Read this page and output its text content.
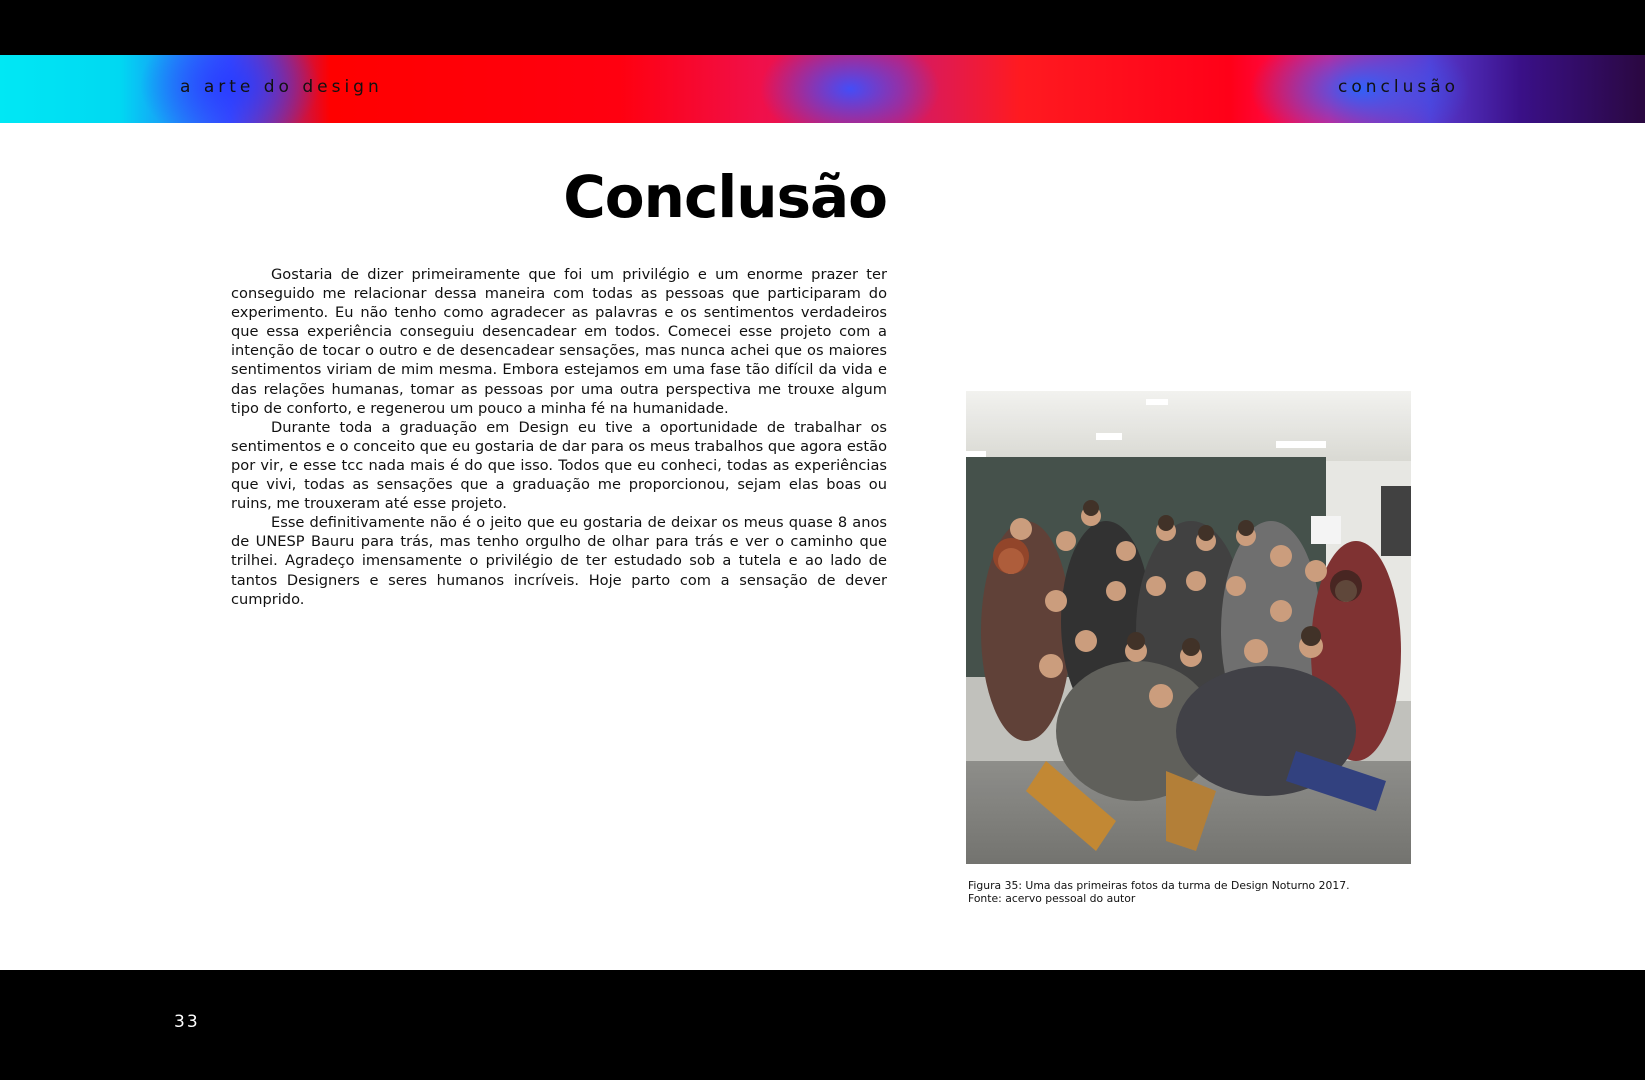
a arte do design	conclusão
Conclusão

Gostaria de dizer primeiramente que foi um privilégio e um enorme prazer ter conseguido me relacionar dessa maneira com todas as pessoas que participaram do experimento. Eu não tenho como agradecer as palavras e os sentimentos verdadeiros que essa experiência conseguiu desencadear em todos. Comecei esse projeto com a intenção de tocar o outro e de desencadear sensações, mas nunca achei que os maiores sentimentos viriam de mim mesma. Embora estejamos em uma fase tão difícil da vida e das relações humanas, tomar as pessoas por uma outra perspectiva me trouxe algum tipo de conforto, e regenerou um pouco a minha fé na humanidade.

Durante toda a graduação em Design eu tive a oportunidade de trabalhar os sentimentos e o conceito que eu gostaria de dar para os meus trabalhos que agora estão por vir, e esse tcc nada mais é do que isso. Todos que eu conheci, todas as experiências que vivi, todas as sensações que a graduação me proporcionou, sejam elas boas ou ruins, me trouxeram até esse projeto.

Esse definitivamente não é o jeito que eu gostaria de deixar os meus quase 8 anos de UNESP Bauru para trás, mas tenho orgulho de olhar para trás e ver o caminho que trilhei. Agradeço imensamente o privilégio de ter estudado sob a tutela e ao lado de tantos Designers e seres humanos incríveis. Hoje parto com a sensação de dever cumprido.

Figura 35: Uma das primeiras fotos da turma de Design Noturno 2017.
Fonte: acervo pessoal do autor
33
